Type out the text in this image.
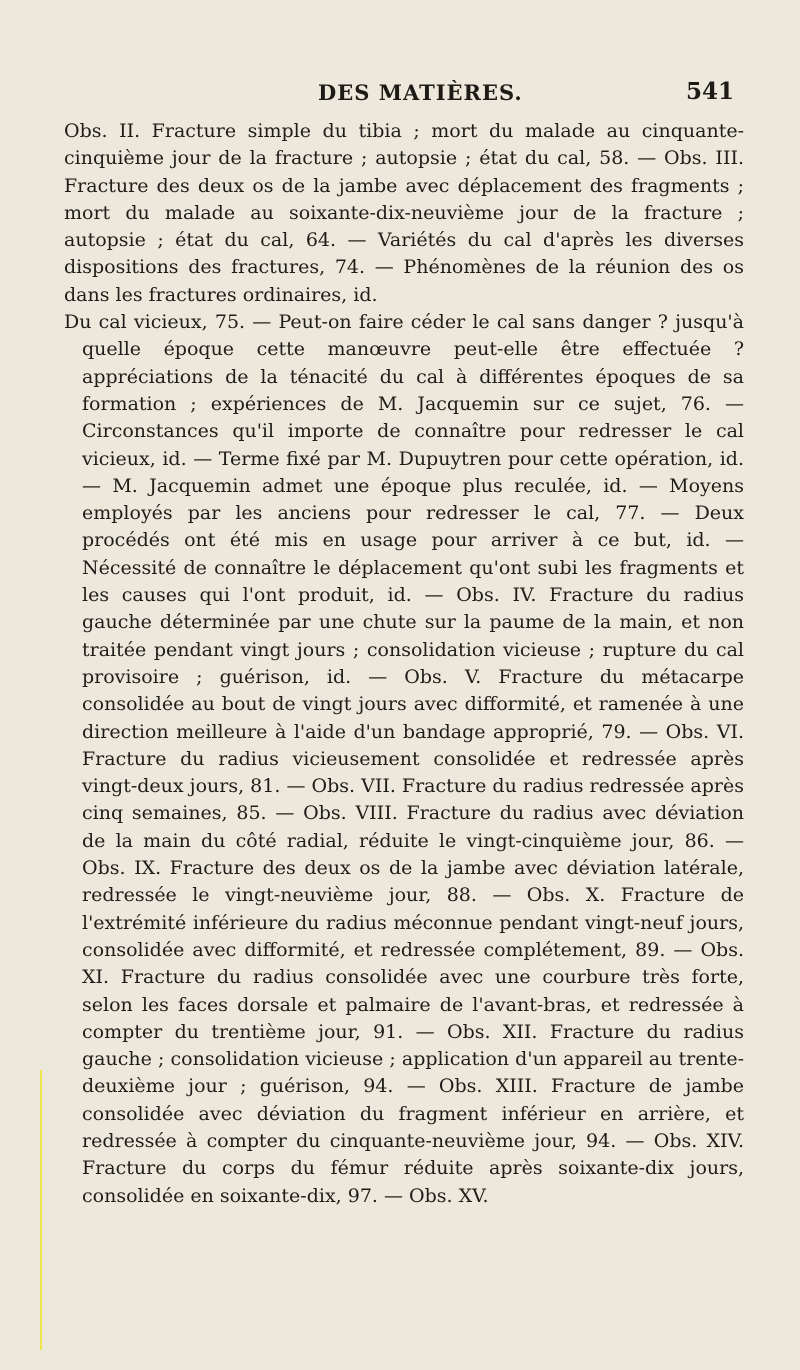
DES MATIÈRES.	541

Obs. II. Fracture simple du tibia ; mort du malade au cinquante-cinquième jour de la fracture ; autopsie ; état du cal, 58. — Obs. III. Fracture des deux os de la jambe avec déplacement des fragments ; mort du malade au soixante-dix-neuvième jour de la fracture ; autopsie ; état du cal, 64. — Variétés du cal d'après les diverses dispositions des fractures, 74. — Phénomènes de la réunion des os dans les fractures ordinaires, id.

Du cal vicieux, 75. — Peut-on faire céder le cal sans danger ? jusqu'à quelle époque cette manœuvre peut-elle être effectuée ? appréciations de la ténacité du cal à différentes époques de sa formation ; expériences de M. Jacquemin sur ce sujet, 76. — Circonstances qu'il importe de connaître pour redresser le cal vicieux, id. — Terme fixé par M. Dupuytren pour cette opération, id. — M. Jacquemin admet une époque plus reculée, id. — Moyens employés par les anciens pour redresser le cal, 77. — Deux procédés ont été mis en usage pour arriver à ce but, id. — Nécessité de connaître le déplacement qu'ont subi les fragments et les causes qui l'ont produit, id. — Obs. IV. Fracture du radius gauche déterminée par une chute sur la paume de la main, et non traitée pendant vingt jours ; consolidation vicieuse ; rupture du cal provisoire ; guérison, id. — Obs. V. Fracture du métacarpe consolidée au bout de vingt jours avec difformité, et ramenée à une direction meilleure à l'aide d'un bandage approprié, 79. — Obs. VI. Fracture du radius vicieusement consolidée et redressée après vingt-deux jours, 81. — Obs. VII. Fracture du radius redressée après cinq semaines, 85. — Obs. VIII. Fracture du radius avec déviation de la main du côté radial, réduite le vingt-cinquième jour, 86. — Obs. IX. Fracture des deux os de la jambe avec déviation latérale, redressée le vingt-neuvième jour, 88. — Obs. X. Fracture de l'extrémité inférieure du radius méconnue pendant vingt-neuf jours, consolidée avec difformité, et redressée complétement, 89. — Obs. XI. Fracture du radius consolidée avec une courbure très forte, selon les faces dorsale et palmaire de l'avant-bras, et redressée à compter du trentième jour, 91. — Obs. XII. Fracture du radius gauche ; consolidation vicieuse ; application d'un appareil au trente-deuxième jour ; guérison, 94. — Obs. XIII. Fracture de jambe consolidée avec déviation du fragment inférieur en arrière, et redressée à compter du cinquante-neuvième jour, 94. — Obs. XIV. Fracture du corps du fémur réduite après soixante-dix jours, consolidée en soixante-dix, 97. — Obs. XV.
